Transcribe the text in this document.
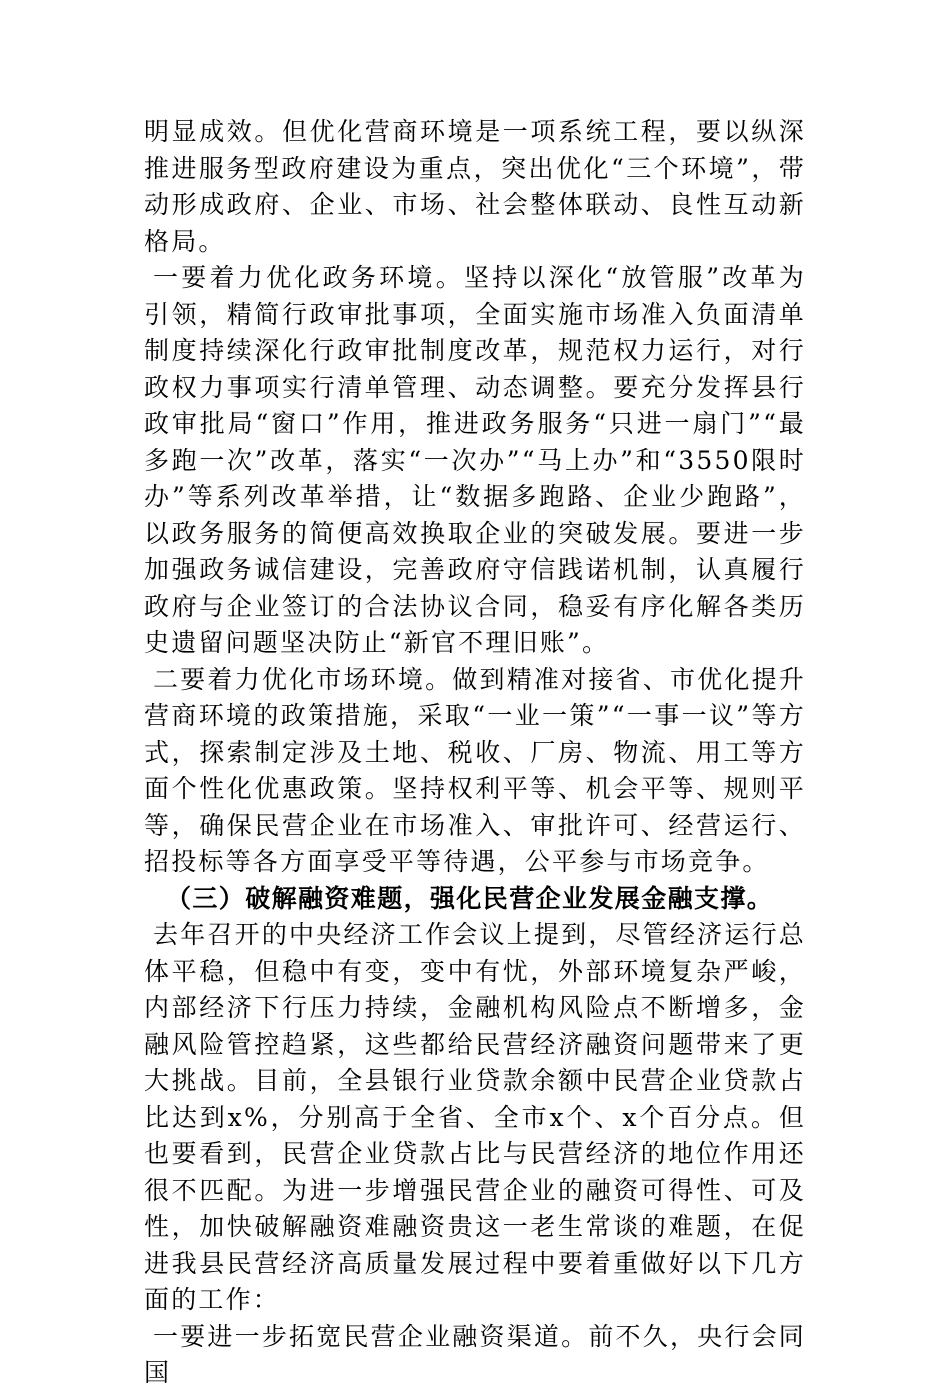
明显成效。但优化营商环境是一项系统工程，要以纵深推进服务型政府建设为重点，突出优化“三个环境”，带动形成政府、企业、市场、社会整体联动、良性互动新格局。

一要着力优化政务环境。坚持以深化“放管服”改革为引领，精简行政审批事项，全面实施市场准入负面清单制度持续深化行政审批制度改革，规范权力运行，对行政权力事项实行清单管理、动态调整。要充分发挥县行政审批局“窗口”作用，推进政务服务“只进一扇门”“最多跑一次”改革，落实“一次办”“马上办”和“3550限时办”等系列改革举措，让“数据多跑路、企业少跑路”，以政务服务的简便高效换取企业的突破发展。要进一步加强政务诚信建设，完善政府守信践诺机制，认真履行政府与企业签订的合法协议合同，稳妥有序化解各类历史遗留问题坚决防止“新官不理旧账”。

二要着力优化市场环境。做到精准对接省、市优化提升营商环境的政策措施，采取“一业一策”“一事一议”等方式，探索制定涉及土地、税收、厂房、物流、用工等方面个性化优惠政策。坚持权利平等、机会平等、规则平等，确保民营企业在市场准入、审批许可、经营运行、招投标等各方面享受平等待遇，公平参与市场竞争。

（三）破解融资难题，强化民营企业发展金融支撑。

去年召开的中央经济工作会议上提到，尽管经济运行总体平稳，但稳中有变，变中有忧，外部环境复杂严峻，内部经济下行压力持续，金融机构风险点不断增多，金融风险管控趋紧，这些都给民营经济融资问题带来了更大挑战。目前，全县银行业贷款余额中民营企业贷款占比达到x%，分别高于全省、全市x个、x个百分点。但也要看到，民营企业贷款占比与民营经济的地位作用还很不匹配。为进一步增强民营企业的融资可得性、可及性，加快破解融资难融资贵这一老生常谈的难题，在促进我县民营经济高质量发展过程中要着重做好以下几方面的工作：

一要进一步拓宽民营企业融资渠道。前不久，央行会同国
